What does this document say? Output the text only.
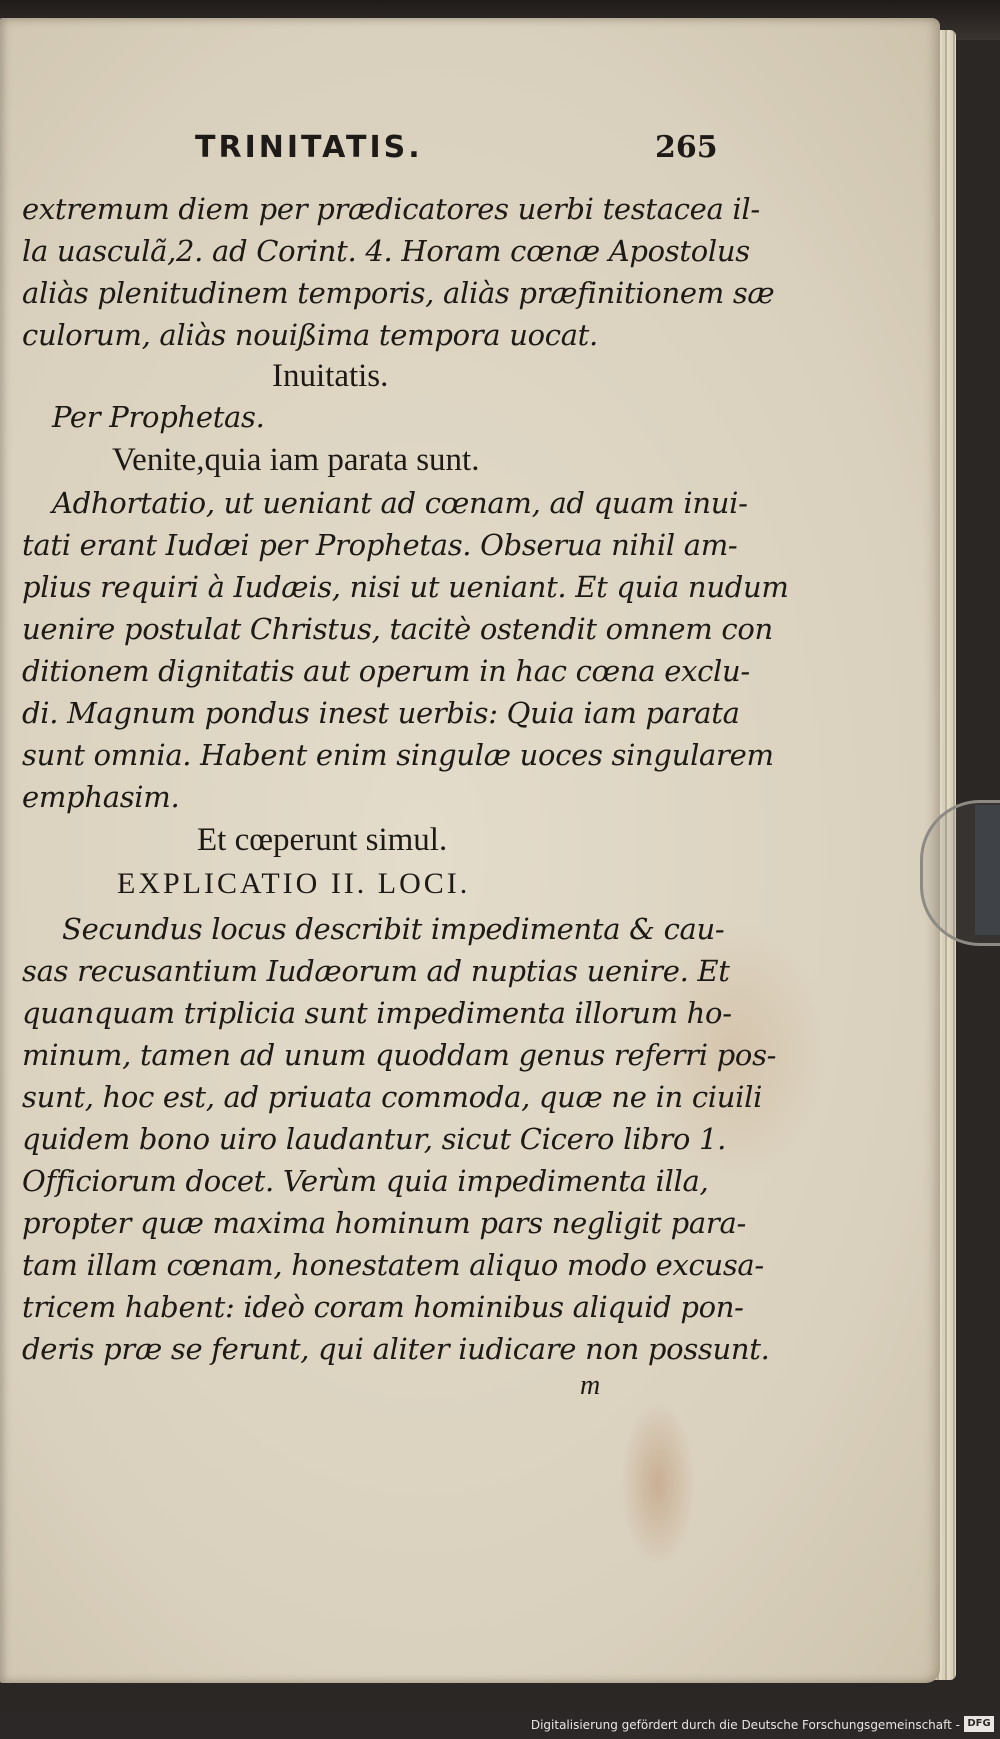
TRINITATIS.	265
extremum diem per prædicatores uerbi testacea il-
la uasculã,2. ad Corint. 4. Horam cœnæ Apostolus
aliàs plenitudinem temporis, aliàs præfinitionem sæ
culorum, aliàs nouißima tempora uocat.
Inuitatis.
Per Prophetas.
Venite,quia iam parata sunt.
Adhortatio, ut ueniant ad cœnam, ad quam inui-
tati erant Iudæi per Prophetas. Obserua nihil am-
plius requiri à Iudæis, nisi ut ueniant. Et quia nudum
uenire postulat Christus, tacitè ostendit omnem con
ditionem dignitatis aut operum in hac cœna exclu-
di. Magnum pondus inest uerbis: Quia iam parata
sunt omnia. Habent enim singulæ uoces singularem
emphasim.
Et cœperunt simul.
EXPLICATIO II. LOCI.
Secundus locus describit impedimenta & cau-
sas recusantium Iudæorum ad nuptias uenire. Et
quanquam triplicia sunt impedimenta illorum ho-
minum, tamen ad unum quoddam genus referri pos-
sunt, hoc est, ad priuata commoda, quæ ne in ciuili
quidem bono uiro laudantur, sicut Cicero libro 1.
Officiorum docet. Verùm quia impedimenta illa,
propter quæ maxima hominum pars negligit para-
tam illam cœnam, honestatem aliquo modo excusa-
tricem habent: ideò coram hominibus aliquid pon-
deris præ se ferunt, qui aliter iudicare non possunt.
m
Digitalisierung gefördert durch die Deutsche Forschungsgemeinschaft - DFG
